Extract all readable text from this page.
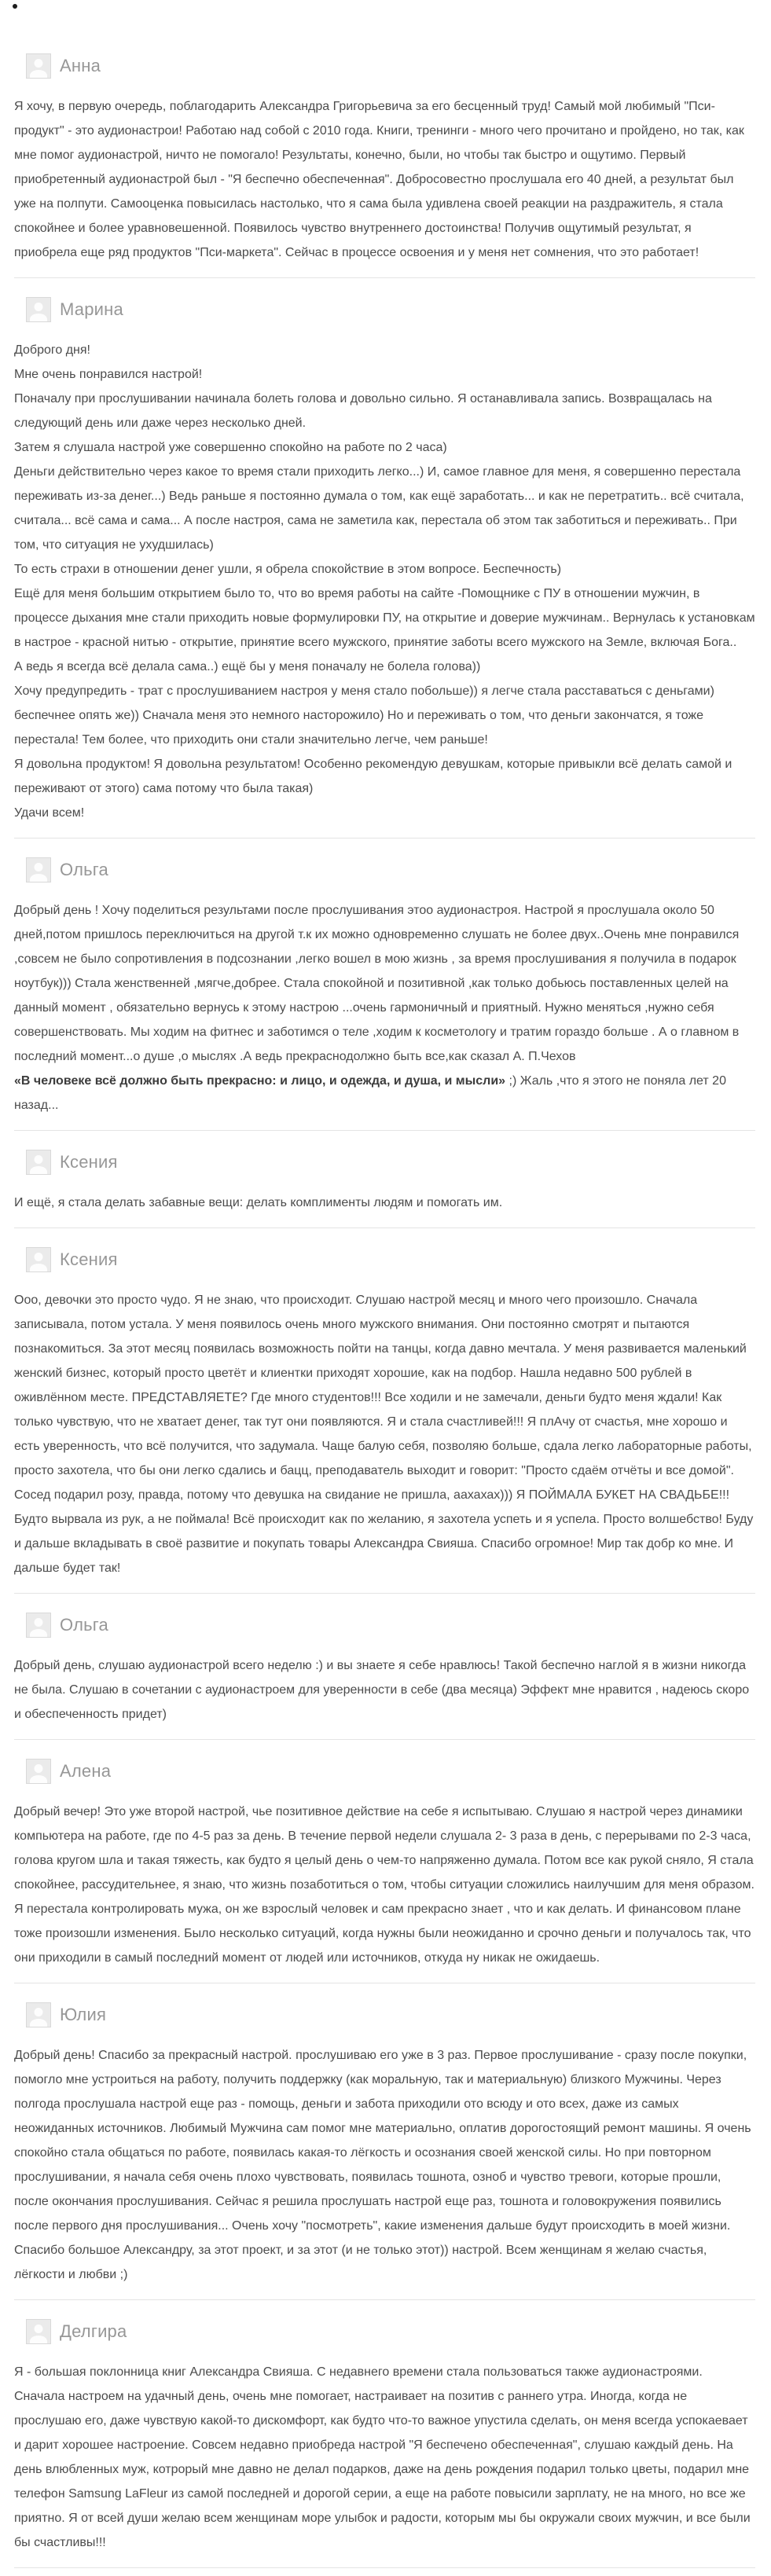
Анна

Я хочу, в первую очередь, поблагодарить Александра Григорьевича за его бесценный труд! Самый мой любимый "Пси-продукт" - это аудионастрои! Работаю над собой с 2010 года. Книги, тренинги - много чего прочитано и пройдено, но так, как мне помог аудионастрой, ничто не помогало! Результаты, конечно, были, но чтобы так быстро и ощутимо. Первый приобретенный аудионастрой был - "Я беспечно обеспеченная". Добросовестно прослушала его 40 дней, а результат был уже на полпути. Самооценка повысилась настолько, что я сама была удивлена своей реакции на раздражитель, я стала спокойнее и более уравновешенной. Появилось чувство внутреннего достоинства! Получив ощутимый результат, я приобрела еще ряд продуктов "Пси-маркета". Сейчас в процессе освоения и у меня нет сомнения, что это работает!

Марина

Доброго дня!

Мне очень понравился настрой!

Поначалу при прослушивании начинала болеть голова и довольно сильно. Я останавливала запись. Возвращалась на следующий день или даже через несколько дней.

Затем я слушала настрой уже совершенно спокойно на работе по 2 часа)

Деньги действительно через какое то время стали приходить легко...) И, самое главное для меня, я совершенно перестала переживать из-за денег...) Ведь раньше я постоянно думала о том, как ещё заработать... и как не перетратить.. всё считала, считала... всё сама и сама... А после настроя, сама не заметила как, перестала об этом так заботиться и переживать.. При том, что ситуация не ухудшилась)

То есть страхи в отношении денег ушли, я обрела спокойствие в этом вопросе. Беспечность)

Ещё для меня большим открытием было то, что во время работы на сайте -Помощнике с ПУ в отношении мужчин, в процессе дыхания мне стали приходить новые формулировки ПУ, на открытие и доверие мужчинам.. Вернулась к установкам в настрое - красной нитью - открытие, принятие всего мужского, принятие заботы всего мужского на Земле, включая Бога..

А ведь я всегда всё делала сама..) ещё бы у меня поначалу не болела голова))

Хочу предупредить - трат с прослушиванием настроя у меня стало побольше)) я легче стала расставаться с деньгами) беспечнее опять же)) Сначала меня это немного насторожило) Но и переживать о том, что деньги закончатся, я тоже перестала! Тем более, что приходить они стали значительно легче, чем раньше!

Я довольна продуктом! Я довольна результатом! Особенно рекомендую девушкам, которые привыкли всё делать самой и переживают от этого) сама потому что была такая)

Удачи всем!

Ольга

Добрый день ! Хочу поделиться результами после прослушивания этоо аудионастроя. Настрой я прослушала около 50 дней,потом пришлось переключиться на другой т.к их можно одновременно слушать не более двух..Очень мне понравился ,совсем не было сопротивления в подсознании ,легко вошел в мою жизнь , за время прослушивания я получила в подарок ноутбук))) Стала женственней ,мягче,добрее. Стала спокойной и позитивной ,как только добьюсь поставленных целей на данный момент , обязательно вернусь к этому настрою ...очень гармоничный и приятный. Нужно меняться ,нужно себя совершенствовать. Мы ходим на фитнес и заботимся о теле ,ходим к косметологу и тратим гораздо больше . А о главном в последний момент...о душе ,о мыслях .А ведь прекраснодолжно быть все,как сказал А. П.Чехов

«В человеке всё должно быть прекрасно: и лицо, и одежда, и душа, и мысли» ;) Жаль ,что я этого не поняла лет 20 назад...

Ксения

И ещё, я стала делать забавные вещи: делать комплименты людям и помогать им.

Ксения

Ооо, девочки это просто чудо. Я не знаю, что происходит. Слушаю настрой месяц и много чего произошло. Сначала записывала, потом устала. У меня появилось очень много мужского внимания. Они постоянно смотрят и пытаются познакомиться. За этот месяц появилась возможность пойти на танцы, когда давно мечтала. У меня развивается маленький женский бизнес, который просто цветёт и клиентки приходят хорошие, как на подбор. Нашла недавно 500 рублей в оживлённом месте. ПРЕДСТАВЛЯЕТЕ? Где много студентов!!! Все ходили и не замечали, деньги будто меня ждали! Как только чувствую, что не хватает денег, так тут они появляются. Я и стала счастливей!!! Я плАчу от счастья, мне хорошо и есть уверенность, что всё получится, что задумала. Чаще балую себя, позволяю больше, сдала легко лабораторные работы, просто захотела, что бы они легко сдались и бацц, преподаватель выходит и говорит: "Просто сдаём отчёты и все домой". Сосед подарил розу, правда, потому что девушка на свидание не пришла, аахахах))) Я ПОЙМАЛА БУКЕТ НА СВАДЬБЕ!!! Будто вырвала из рук, а не поймала! Всё происходит как по желанию, я захотела успеть и я успела. Просто волшебство! Буду и дальше вкладывать в своё развитие и покупать товары Александра Свияша. Спасибо огромное! Мир так добр ко мне. И дальше будет так!

Ольга

Добрый день, слушаю аудионастрой всего неделю :) и вы знаете я себе нравлюсь! Такой беспечно наглой я в жизни никогда не была. Слушаю в сочетании с аудионастроем для уверенности в себе (два месяца) Эффект мне нравится , надеюсь скоро и обеспеченность придет)

Алена

Добрый вечер! Это уже второй настрой, чье позитивное действие на себе я испытываю. Слушаю я настрой через динамики компьютера на работе, где по 4-5 раз за день. В течение первой недели слушала 2- 3 раза в день, с перерывами по 2-3 часа, голова кругом шла и такая тяжесть, как будто я целый день о чем-то напряженно думала. Потом все как рукой сняло, Я стала спокойнее, рассудительнее, я знаю, что жизнь позаботиться о том, чтобы ситуации сложились наилучшим для меня образом. Я перестала контролировать мужа, он же взрослый человек и сам прекрасно знает , что и как делать. И финансовом плане тоже произошли изменения. Было несколько ситуаций, когда нужны были неожиданно и срочно деньги и получалось так, что они приходили в самый последний момент от людей или источников, откуда ну никак не ожидаешь.

Юлия

Добрый день! Спасибо за прекрасный настрой. прослушиваю его уже в 3 раз. Первое прослушивание - сразу после покупки, помогло мне устроиться на работу, получить поддержку (как моральную, так и материальную) близкого Мужчины. Через полгода прослушала настрой еще раз - помощь, деньги и забота приходили ото всюду и ото всех, даже из самых неожиданных источников. Любимый Мужчина сам помог мне материально, оплатив дорогостоящий ремонт машины. Я очень спокойно стала общаться по работе, появилась какая-то лёгкость и осознания своей женской силы. Но при повторном прослушивании, я начала себя очень плохо чувствовать, появилась тошнота, озноб и чувство тревоги, которые прошли, после окончания прослушивания. Сейчас я решила прослушать настрой еще раз, тошнота и головокружения появились после первого дня прослушивания... Очень хочу "посмотреть", какие изменения дальше будут происходить в моей жизни. Спасибо большое Александру, за этот проект, и за этот (и не только этот)) настрой. Всем женщинам я желаю счастья, лёгкости и любви ;)

Делгира

Я - большая поклонница книг Александра Свияша. С недавнего времени стала пользоваться также аудионастроями. Сначала настроем на удачный день, очень мне помогает, настраивает на позитив с раннего утра. Иногда, когда не прослушаю его, даже чувствую какой-то дискомфорт, как будто что-то важное упустила сделать, он меня всегда успокаевает и дарит хорошее настроение. Совсем недавно приобреда настрой "Я беспечено обеспеченная", слушаю каждый день. На день влюбленных муж, котрорый мне давно не делал подарков, даже на день рождения подарил только цветы, подарил мне телефон Samsung LaFleur из самой последней и дорогой серии, а еще на работе повысили зарплату, не на много, но все же приятно. Я от всей души желаю всем женщинам море улыбок и радости, которым мы бы окружали своих мужчин, и все были бы счастливы!!!
